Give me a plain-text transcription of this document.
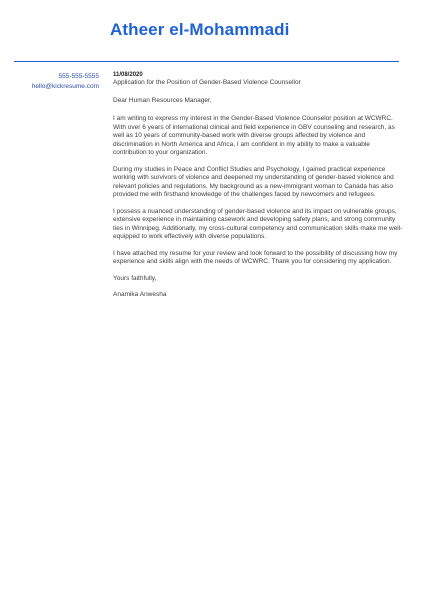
Atheer el-Mohammadi
555-555-5555
hello@kickresume.com
11/08/2020
Application for the Position of Gender-Based Violence Counsellor
Dear Human Resources Manager,

I am writing to express my interest in the Gender-Based Violence Counselor position at WCWRC. With over 6 years of international clinical and field experience in GBV counseling and research, as well as 10 years of community-based work with diverse groups affected by violence and discrimination in North America and Africa, I am confident in my ability to make a valuable contribution to your organization.

During my studies in Peace and Conflict Studies and Psychology, I gained practical experience working with survivors of violence and deepened my understanding of gender-based violence and relevant policies and regulations. My background as a new-immigrant woman to Canada has also provided me with firsthand knowledge of the challenges faced by newcomers and refugees.

I possess a nuanced understanding of gender-based violence and its impact on vulnerable groups, extensive experience in maintaining casework and developing safety plans, and strong community ties in Winnipeg. Additionally, my cross-cultural competency and communication skills make me well-equipped to work effectively with diverse populations.

I have attached my resume for your review and look forward to the possibility of discussing how my experience and skills align with the needs of WCWRC. Thank you for considering my application.

Yours faithfully,
Anamika Anwesha
